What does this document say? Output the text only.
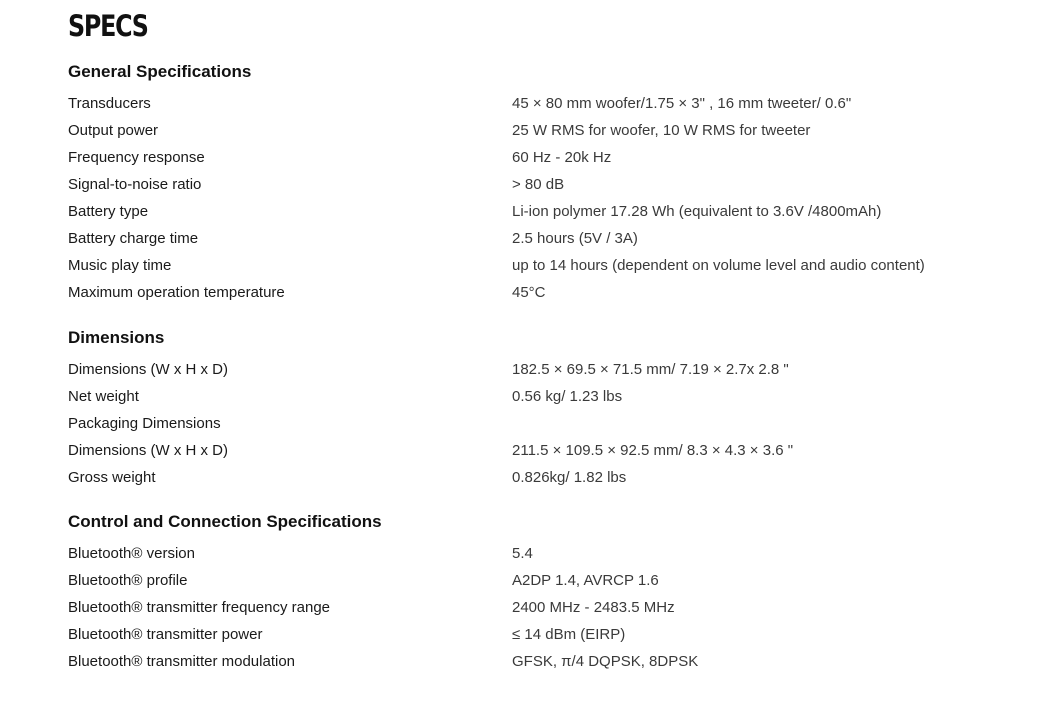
SPECS
General Specifications
Transducers	45 × 80 mm woofer/1.75 × 3" , 16 mm tweeter/ 0.6"
Output power	25 W RMS for woofer, 10 W RMS for tweeter
Frequency response	60 Hz - 20k Hz
Signal-to-noise ratio	> 80 dB
Battery type	Li-ion polymer 17.28 Wh (equivalent to 3.6V /4800mAh)
Battery charge time	2.5 hours (5V / 3A)
Music play time	up to 14 hours (dependent on volume level and audio content)
Maximum operation temperature	45°C
Dimensions
Dimensions (W x H x D)	182.5 × 69.5 × 71.5 mm/ 7.19 × 2.7x 2.8 "
Net weight	0.56 kg/ 1.23 lbs
Packaging Dimensions
Dimensions (W x H x D)	211.5 × 109.5 × 92.5 mm/ 8.3 × 4.3 × 3.6 "
Gross weight	0.826kg/ 1.82 lbs
Control and Connection Specifications
Bluetooth® version	5.4
Bluetooth® profile	A2DP 1.4, AVRCP 1.6
Bluetooth® transmitter frequency range	2400 MHz - 2483.5 MHz
Bluetooth® transmitter power	≤ 14 dBm (EIRP)
Bluetooth® transmitter modulation	GFSK, π/4 DQPSK, 8DPSK
